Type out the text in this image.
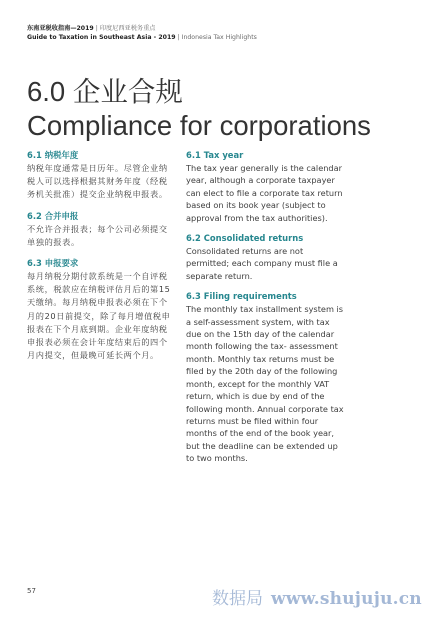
东南亚税收指南—2019 | 印度尼西亚税务重点
Guide to Taxation in Southeast Asia - 2019 | Indonesia Tax Highlights
6.0 企业合规
Compliance for corporations
6.1 纳税年度
纳税年度通常是日历年。尽管企业纳税人可以选择根据其财务年度（经税务机关批准）提交企业纳税申报表。
6.2 合并申报
不允许合并报表；每个公司必须提交单独的报表。
6.3 申报要求
每月纳税分期付款系统是一个自评税系统，税款应在纳税评估月后的第15天缴纳。每月纳税申报表必须在下个月的20日前提交，除了每月增值税申报表在下个月底到期。企业年度纳税申报表必须在会计年度结束后的四个月内提交，但最晚可延长两个月。
6.1 Tax year
The tax year generally is the calendar year, although a corporate taxpayer can elect to file a corporate tax return based on its book year (subject to approval from the tax authorities).
6.2 Consolidated returns
Consolidated returns are not permitted; each company must file a separate return.
6.3 Filing requirements
The monthly tax installment system is a self-assessment system, with tax due on the 15th day of the calendar month following the tax- assessment month. Monthly tax returns must be filed by the 20th day of the following month, except for the monthly VAT return, which is due by end of the following month. Annual corporate tax returns must be filed within four months of the end of the book year, but the deadline can be extended up to two months.
57	数据局 www.shujuju.cn
